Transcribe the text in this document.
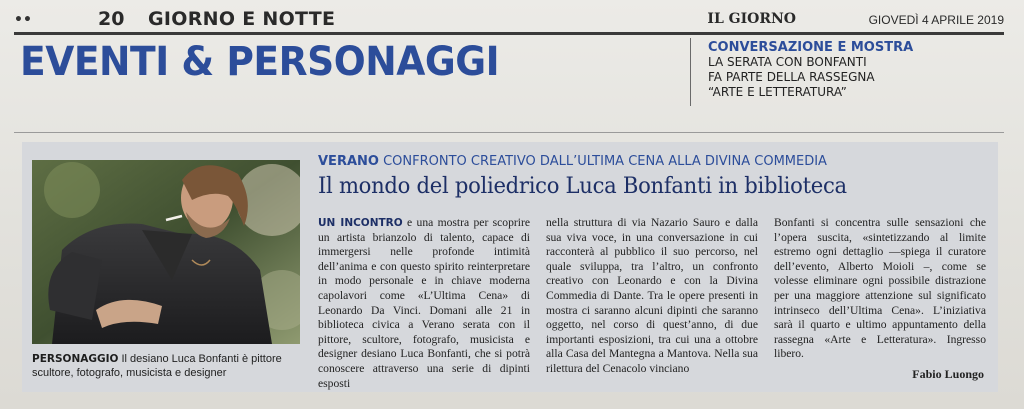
••	20 GIORNO E NOTTE	IL GIORNO	GIOVEDÌ 4 APRILE 2019
EVENTI & PERSONAGGI	CONVERSAZIONE E MOSTRA
LA SERATA CON BONFANTI
FA PARTE DELLA RASSEGNA
“ARTE E LETTERATURA”
PERSONAGGIO Il desiano Luca Bonfanti è pittore scultore, fotografo, musicista e designer
VERANO CONFRONTO CREATIVO DALL’ULTIMA CENA ALLA DIVINA COMMEDIA
Il mondo del poliedrico Luca Bonfanti in biblioteca
UN INCONTRO e una mostra per scoprire un artista brianzolo di talento, capace di immergersi nelle profonde intimità dell’anima e con questo spirito reinterpretare in modo personale e in chiave moderna capolavori come «L’Ultima Cena» di Leonardo Da Vinci. Domani alle 21 in biblioteca civica a Verano serata con il pittore, scultore, fotografo, musicista e designer desiano Luca Bonfanti, che si potrà conoscere attraverso una serie di dipinti esposti
nella struttura di via Nazario Sauro e dalla sua viva voce, in una conversazione in cui racconterà al pubblico il suo percorso, nel quale sviluppa, tra l’altro, un confronto creativo con Leonardo e con la Divina Commedia di Dante. Tra le opere presenti in mostra ci saranno alcuni dipinti che saranno oggetto, nel corso di quest’anno, di due importanti esposizioni, tra cui una a ottobre alla Casa del Mantegna a Mantova. Nella sua rilettura del Cenacolo vinciano
Bonfanti si concentra sulle sensazioni che l’opera suscita, «sintetizzando al limite estremo ogni dettaglio —spiega il curatore dell’evento, Alberto Moioli –, come se volesse eliminare ogni possibile distrazione per una maggiore attenzione sul significato intrinseco dell’Ultima Cena». L’iniziativa sarà il quarto e ultimo appuntamento della rassegna «Arte e Letteratura». Ingresso libero.
Fabio Luongo
